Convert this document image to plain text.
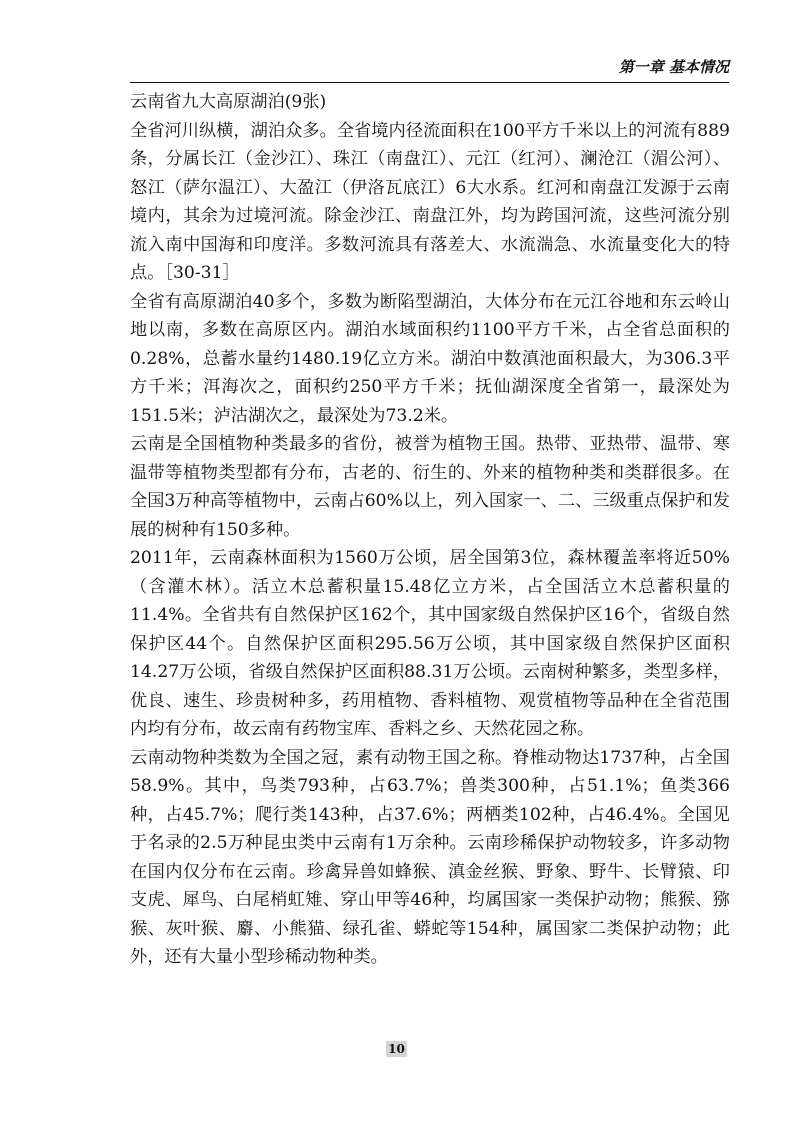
第一章 基本情况

云南省九大高原湖泊(9张)

全省河川纵横，湖泊众多。全省境内径流面积在100平方千米以上的河流有889条，分属长江（金沙江）、珠江（南盘江）、元江（红河）、澜沧江（湄公河）、怒江（萨尔温江）、大盈江（伊洛瓦底江）6大水系。红河和南盘江发源于云南境内，其余为过境河流。除金沙江、南盘江外，均为跨国河流，这些河流分别流入南中国海和印度洋。多数河流具有落差大、水流湍急、水流量变化大的特点。［30-31］

全省有高原湖泊40多个，多数为断陷型湖泊，大体分布在元江谷地和东云岭山地以南，多数在高原区内。湖泊水域面积约1100平方千米，占全省总面积的0.28%，总蓄水量约1480.19亿立方米。湖泊中数滇池面积最大，为306.3平方千米；洱海次之，面积约250平方千米；抚仙湖深度全省第一，最深处为151.5米；泸沽湖次之，最深处为73.2米。

云南是全国植物种类最多的省份，被誉为植物王国。热带、亚热带、温带、寒温带等植物类型都有分布，古老的、衍生的、外来的植物种类和类群很多。在全国3万种高等植物中，云南占60%以上，列入国家一、二、三级重点保护和发展的树种有150多种。

2011年，云南森林面积为1560万公顷，居全国第3位，森林覆盖率将近50%（含灌木林）。活立木总蓄积量15.48亿立方米，占全国活立木总蓄积量的11.4%。全省共有自然保护区162个，其中国家级自然保护区16个，省级自然保护区44个。自然保护区面积295.56万公顷，其中国家级自然保护区面积14.27万公顷，省级自然保护区面积88.31万公顷。云南树种繁多，类型多样，优良、速生、珍贵树种多，药用植物、香料植物、观赏植物等品种在全省范围内均有分布，故云南有药物宝库、香料之乡、天然花园之称。

云南动物种类数为全国之冠，素有动物王国之称。脊椎动物达1737种，占全国58.9%。其中，鸟类793种，占63.7%；兽类300种，占51.1%；鱼类366种，占45.7%；爬行类143种，占37.6%；两栖类102种，占46.4%。全国见于名录的2.5万种昆虫类中云南有1万余种。云南珍稀保护动物较多，许多动物在国内仅分布在云南。珍禽异兽如蜂猴、滇金丝猴、野象、野牛、长臂猿、印支虎、犀鸟、白尾梢虹雉、穿山甲等46种，均属国家一类保护动物；熊猴、猕猴、灰叶猴、麝、小熊猫、绿孔雀、蟒蛇等154种，属国家二类保护动物；此外，还有大量小型珍稀动物种类。

10
